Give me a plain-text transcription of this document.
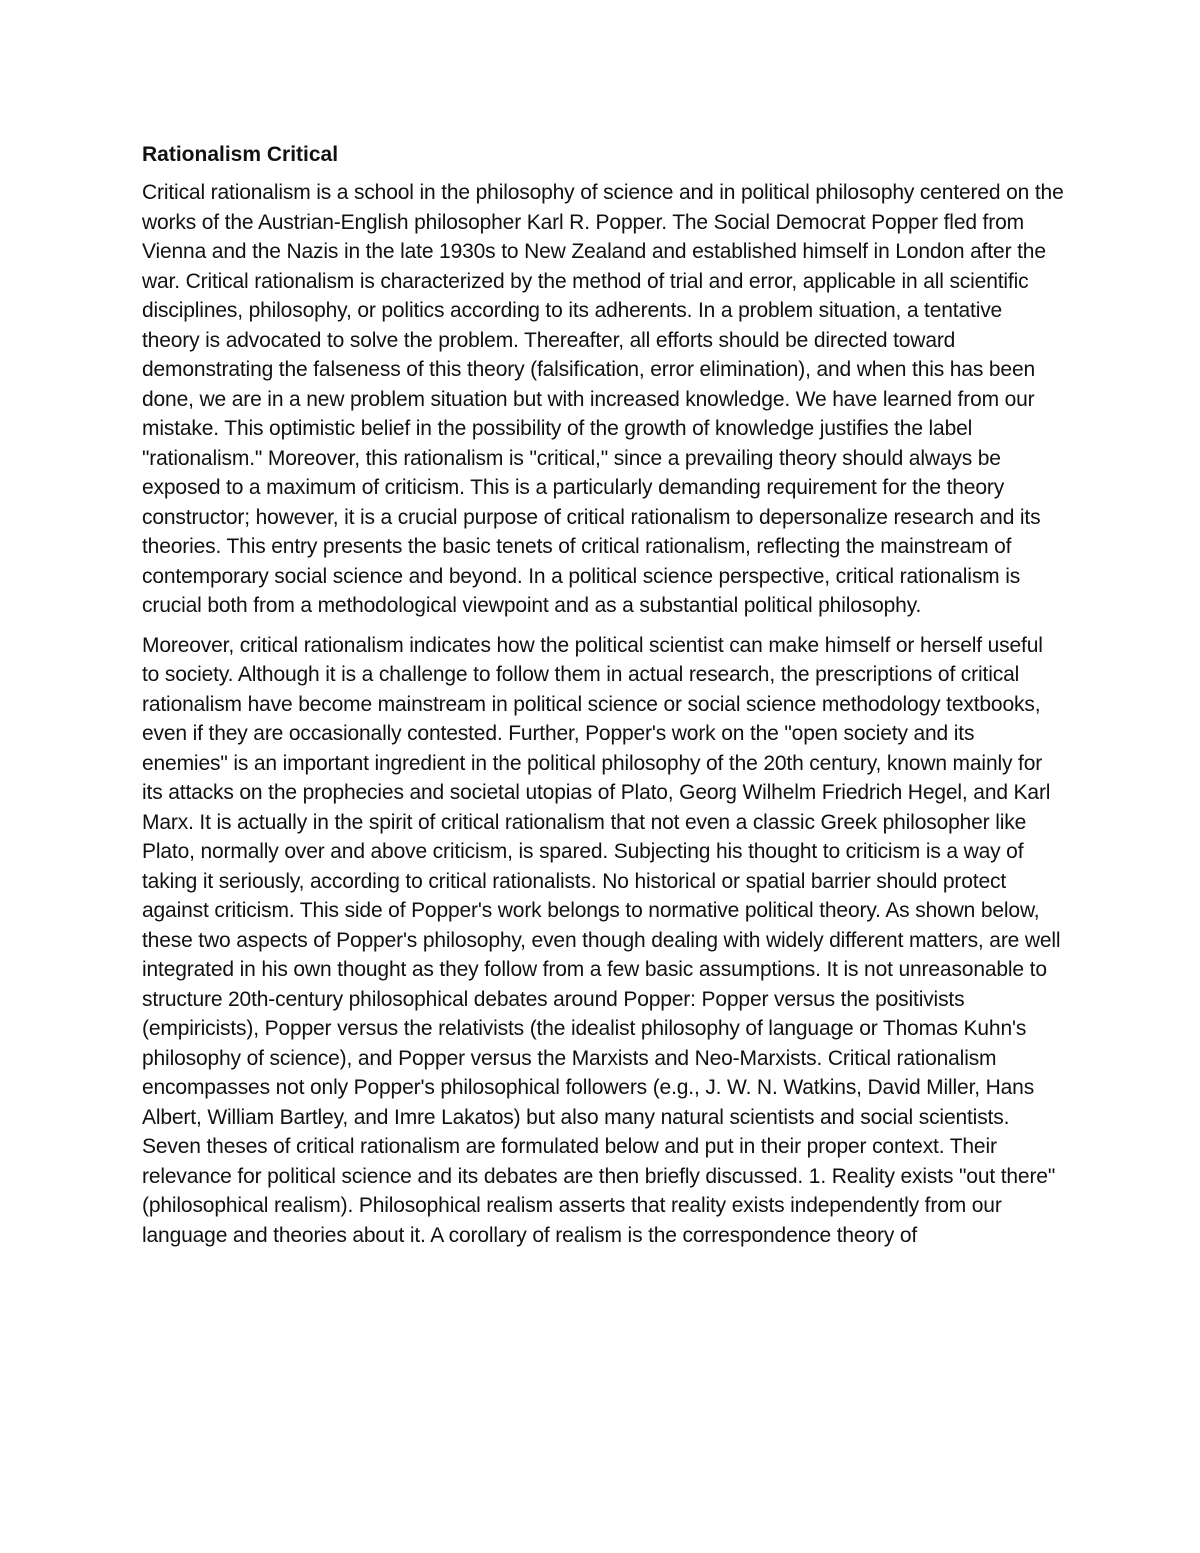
Rationalism Critical

Critical rationalism is a school in the philosophy of science and in political philosophy centered on the works of the Austrian-English philosopher Karl R. Popper. The Social Democrat Popper fled from Vienna and the Nazis in the late 1930s to New Zealand and established himself in London after the war. Critical rationalism is characterized by the method of trial and error, applicable in all scientific disciplines, philosophy, or politics according to its adherents. In a problem situation, a tentative theory is advocated to solve the problem. Thereafter, all efforts should be directed toward demonstrating the falseness of this theory (falsification, error elimination), and when this has been done, we are in a new problem situation but with increased knowledge. We have learned from our mistake. This optimistic belief in the possibility of the growth of knowledge justifies the label "rationalism." Moreover, this rationalism is "critical," since a prevailing theory should always be exposed to a maximum of criticism. This is a particularly demanding requirement for the theory constructor; however, it is a crucial purpose of critical rationalism to depersonalize research and its theories. This entry presents the basic tenets of critical rationalism, reflecting the mainstream of contemporary social science and beyond. In a political science perspective, critical rationalism is crucial both from a methodological viewpoint and as a substantial political philosophy.

Moreover, critical rationalism indicates how the political scientist can make himself or herself useful to society. Although it is a challenge to follow them in actual research, the prescriptions of critical rationalism have become mainstream in political science or social science methodology textbooks, even if they are occasionally contested. Further, Popper's work on the "open society and its enemies" is an important ingredient in the political philosophy of the 20th century, known mainly for its attacks on the prophecies and societal utopias of Plato, Georg Wilhelm Friedrich Hegel, and Karl Marx. It is actually in the spirit of critical rationalism that not even a classic Greek philosopher like Plato, normally over and above criticism, is spared. Subjecting his thought to criticism is a way of taking it seriously, according to critical rationalists. No historical or spatial barrier should protect against criticism. This side of Popper's work belongs to normative political theory. As shown below, these two aspects of Popper's philosophy, even though dealing with widely different matters, are well integrated in his own thought as they follow from a few basic assumptions. It is not unreasonable to structure 20th-century philosophical debates around Popper: Popper versus the positivists (empiricists), Popper versus the relativists (the idealist philosophy of language or Thomas Kuhn's philosophy of science), and Popper versus the Marxists and Neo-Marxists. Critical rationalism encompasses not only Popper's philosophical followers (e.g., J. W. N. Watkins, David Miller, Hans Albert, William Bartley, and Imre Lakatos) but also many natural scientists and social scientists. Seven theses of critical rationalism are formulated below and put in their proper context. Their relevance for political science and its debates are then briefly discussed. 1. Reality exists "out there" (philosophical realism). Philosophical realism asserts that reality exists independently from our language and theories about it. A corollary of realism is the correspondence theory of
